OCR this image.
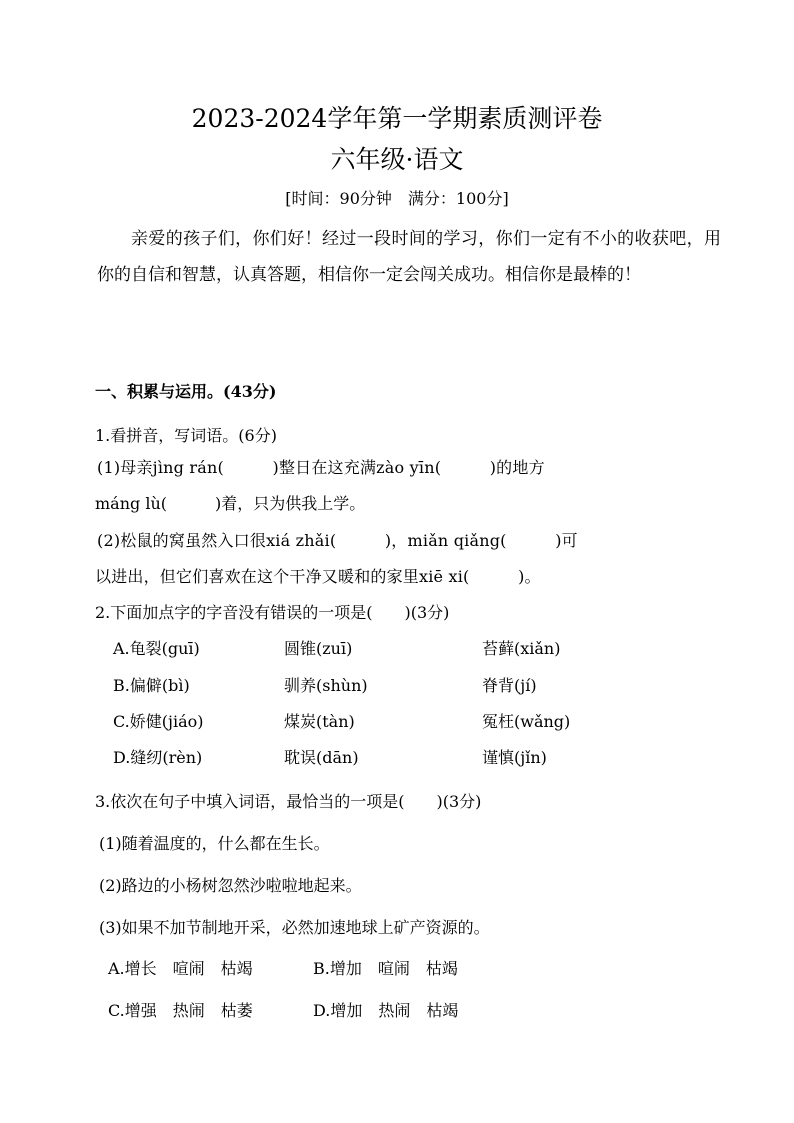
2023-2024学年第一学期素质测评卷
六年级·语文
[时间：90分钟　满分：100分]
亲爱的孩子们，你们好！经过一段时间的学习，你们一定有不小的收获吧，用你的自信和智慧，认真答题，相信你一定会闯关成功。相信你是最棒的！
一、积累与运用。(43分)
1.看拼音，写词语。(6分)
(1)母亲jìng rán(　　　)整日在这充满zào yīn(　　　)的地方
máng lù(　　　)着，只为供我上学。
(2)松鼠的窝虽然入口很xiá zhǎi(　　　)，miǎn qiǎng(　　　)可
以进出，但它们喜欢在这个干净又暖和的家里xiē xi(　　　)。
2.下面加点字的字音没有错误的一项是(　　)(3分)
A.龟裂(guī)	圆锥(zuī)	苔藓(xiǎn)
B.偏僻(bì)	驯养(shùn)	脊背(jí)
C.娇健(jiáo)	煤炭(tàn)	冤枉(wǎng)
D.缝纫(rèn)	耽误(dān)	谨慎(jǐn)
3.依次在句子中填入词语，最恰当的一项是(　　)(3分)
(1)随着温度的，什么都在生长。
(2)路边的小杨树忽然沙啦啦地起来。
(3)如果不加节制地开采，必然加速地球上矿产资源的。
A.增长　喧闹　枯竭	B.增加　喧闹　枯竭
C.增强　热闹　枯萎	D.增加　热闹　枯竭
